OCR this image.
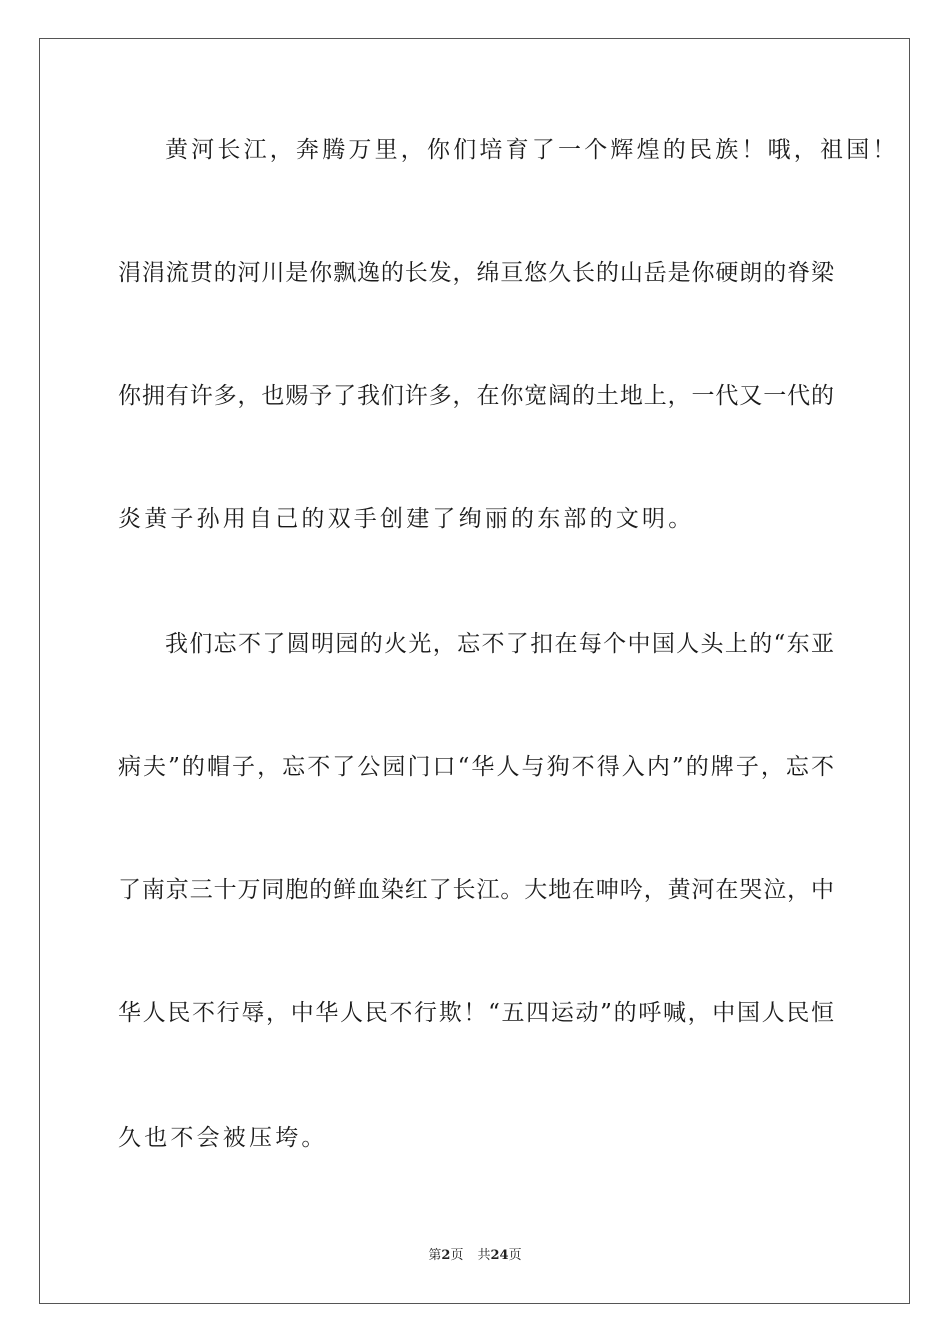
黄河长江，奔腾万里，你们培育了一个辉煌的民族！哦，祖国！
涓涓流贯的河川是你飘逸的长发，绵亘悠久长的山岳是你硬朗的脊梁
你拥有许多，也赐予了我们许多，在你宽阔的土地上，一代又一代的
炎黄子孙用自己的双手创建了绚丽的东部的文明。
我们忘不了圆明园的火光，忘不了扣在每个中国人头上的“东亚
病夫”的帽子，忘不了公园门口“华人与狗不得入内”的牌子，忘不
了南京三十万同胞的鲜血染红了长江。大地在呻吟，黄河在哭泣，中
华人民不行辱，中华人民不行欺！“五四运动”的呼喊，中国人民恒
久也不会被压垮。
第2页 共24页
